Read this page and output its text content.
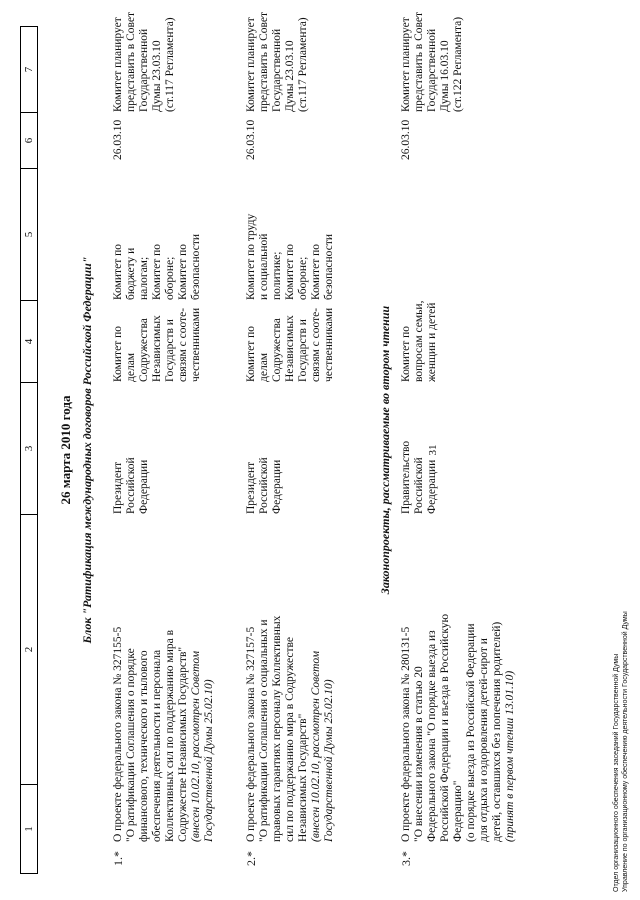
31
1
2
3
4
5
6
7
26 марта 2010 года Блок "Ратификация международных договоров Российской Федерации"
1.*
О проекте федерального закона № 327155-5 "О ратификации Соглашения о порядке финансового, технического и тылового обеспечения деятельности и персонала Коллективных сил по поддержанию мира в Содружестве Независимых Государств" (внесен 10.02.10, рассмотрен Советом Государственной Думы 25.02.10)
Президент Российской Федерации
Комитет по делам Содружества Независимых Государств и связям с соотe- чественниками
Комитет по бюджету и налогам; Комитет по обороне; Комитет по безопасности
26.03.10
Комитет планирует представить в Совет Государственной Думы 23.03.10 (ст.117 Регламента)
2.*
О проекте федерального закона № 327157-5 "О ратификации Соглашения о социальных и правовых гарантиях персоналу Коллективных сил по поддержанию мира в Содружестве Независимых Государств" (внесен 10.02.10, рассмотрен Советом Государственной Думы 25.02.10)
Президент Российской Федерации
Комитет по делам Содружества Независимых Государств и связям с соотe- чественниками
Комитет по труду и социальной политике; Комитет по обороне; Комитет по безопасности
26.03.10
Комитет планирует представить в Совет Государственной Думы 23.03.10 (ст.117 Регламента)
Законопроекты, рассматриваемые во втором чтении
3.*
О проекте федерального закона № 280131-5 "О внесении изменения в статью 20 Федерального закона "О порядке выезда из Российской Федерации и въезда в Российскую Федерацию" (о порядке выезда из Российской Федерации для отдыха и оздоровления детей-сирот и детей, оставшихся без попечения родителей) (принят в первом чтении 13.01.10)
Правительство Российской Федерации
Комитет по вопросам семьи, женщин и детей
26.03.10
Комитет планирует представить в Совет Государственной Думы 16.03.10 (ст.122 Регламента)
Отдел организационного обеспечения заседаний Государственной Думы Управление по организационному обеспечению деятельности Государственной Думы
